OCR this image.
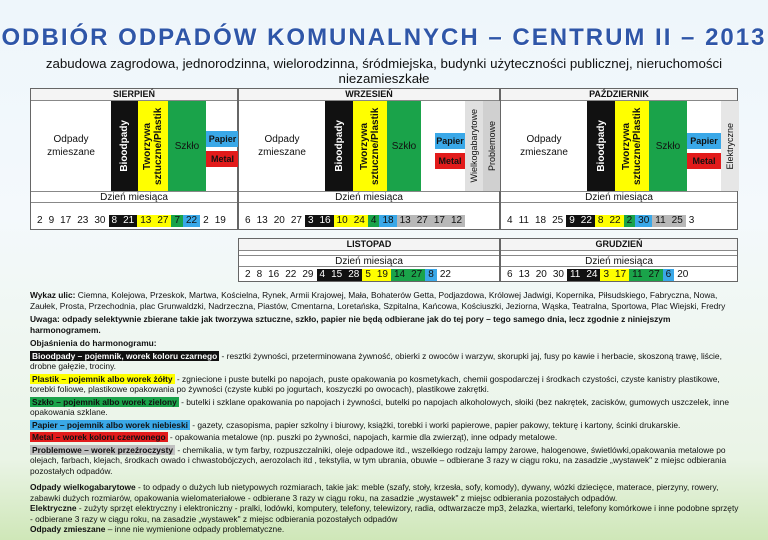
ODBIÓR ODPADÓW KOMUNALNYCH – CENTRUM II – 2013
zabudowa zagrodowa, jednorodzinna, wielorodzinna, śródmiejska, budynki użyteczności publicznej, nieruchomości niezamieszkałe
SIERPIEŃ
Odpady
zmieszane Bioodpady Tworzywa sztuczne/Plastik Szkło
Papier
Metal
Dzień miesiąca
2 9 17 23 30 8 21 13 27 7 22 2 19
WRZESIEŃ
Odpady
zmieszane	Bioodpady Tworzywa sztuczne/Plastik Szkło Papier
Metal Wielkogabarytowe Problemowe
Dzień miesiąca
6 13 20 27 3 16 10 24 4 18 13 27 17 12
PAŹDZIERNIK
Odpady
zmieszane	Bioodpady Tworzywa sztuczne/Plastik Szkło Papier
Metal Elektryczne
Dzień miesiąca
4 11 18 25 9 22 8 22 2 30 11 25 3
LISTOPAD
Dzień miesiąca
2 8 16 22 29 4 15 28 5 19 14 27 8 22
GRUDZIEŃ
Dzień miesiąca
6 13 20 30 11 24 3 17 11 27 6 20
Wykaz ulic: Ciemna, Kolejowa, Przeskok, Martwa, Kościelna, Rynek, Armii Krajowej, Mała, Bohaterów Getta, Podjazdowa, Królowej Jadwigi, Kopernika, Piłsudskiego, Fabryczna, Nowa, Zaułek, Prosta, Przechodnia, plac Grunwaldzki, Nadrzeczna, Piastów, Cmentarna, Loretańska, Szpitalna, Kańcowa, Kościuszki, Jeziorna, Wąska, Teatralna, Sportowa, Plac Wiejski, Fredry
Uwaga: odpady selektywnie zbierane takie jak tworzywa sztuczne, szkło, papier nie będą odbierane jak do tej pory – tego samego dnia, lecz zgodnie z niniejszym harmonogramem.
Objaśnienia do harmonogramu:
Bioodpady – pojemnik, worek koloru czarnego - resztki żywności, przeterminowana żywność, obierki z owoców i warzyw, skorupki jaj, fusy po kawie i herbacie, skoszoną trawę, liście, drobne gałęzie, trociny.
Plastik – pojemnik albo worek żółty - zgniecione i puste butelki po napojach, puste opakowania po kosmetykach, chemii gospodarczej i środkach czystości, czyste kanistry plastikowe, torebki foliowe, plastikowe opakowania po żywności (czyste kubki po jogurtach, koszyczki po owocach), plastikowe zakrętki.
Szkło – pojemnik albo worek zielony - butelki i szklane opakowania po napojach i żywności, butelki po napojach alkoholowych, słoiki (bez nakrętek, zacisków, gumowych uszczelek, inne opakowania szklane.
Papier – pojemnik albo worek niebieski - gazety, czasopisma, papier szkolny i biurowy, książki, torebki i worki papierowe, papier pakowy, tekturę i kartony, ścinki drukarskie.
Metal – worek koloru czerwonego - opakowania metalowe (np. puszki po żywności, napojach, karmie dla zwierząt), inne odpady metalowe.
Problemowe – worek przeźroczysty - chemikalia, w tym farby, rozpuszczalniki, oleje odpadowe itd., wszelkiego rodzaju lampy żarowe, halogenowe, świetlówki,opakowania metalowe po olejach, farbach, klejach, środkach owado i chwastobójczych, aerozolach itd , tekstylia, w tym ubrania, obuwie – odbierane 3 razy w ciągu roku, na zasadzie „wystawek" z miejsc odbierania pozostałych odpadów.
Odpady wielkogabarytowe - to odpady o dużych lub nietypowych rozmiarach, takie jak: meble (szafy, stoły, krzesła, sofy, komody), dywany, wózki dziecięce, materace, pierzyny, rowery, zabawki dużych rozmiarów, opakowania wielomateriałowe - odbierane 3 razy w ciągu roku, na zasadzie „wystawek" z miejsc odbierania pozostałych odpadów.
Elektryczne - zużyty sprzęt elektryczny i elektroniczny - pralki, lodówki, komputery, telefony, telewizory, radia, odtwarzacze mp3, żelazka, wiertarki, telefony komórkowe i inne podobne sprzęty - odbierane 3 razy w ciągu roku, na zasadzie „wystawek" z miejsc odbierania pozostałych odpadów
Odpady zmieszane – inne nie wymienione odpady problematyczne.
